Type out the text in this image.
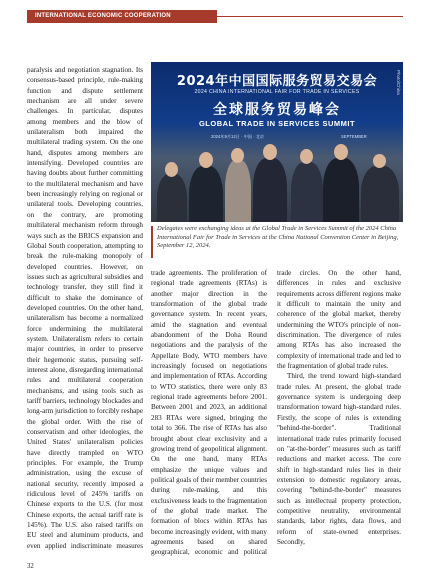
INTERNATIONAL ECONOMIC COOPERATION

paralysis and negotiation stagnation. Its consensus-based principle, rule-making function and dispute settlement mechanism are all under severe challenges. In particular, disputes among members and the blow of unilateralism both impaired the multilateral trading system. On the one hand, disputes among members are intensifying. Developed countries are having doubts about further committing to the multilateral mechanism and have been increasingly relying on regional or unilateral tools. Developing countries, on the contrary, are promoting multilateral mechanism reform through ways such as the BRICS expansion and Global South cooperation, attempting to break the rule-making monopoly of developed countries. However, on issues such as agricultural subsidies and technology transfer, they still find it difficult to shake the dominance of developed countries. On the other hand, unilateralism has become a normalized force undermining the multilateral system. Unilateralism refers to certain major countries, in order to preserve their hegemonic status, pursuing self-interest alone, disregarding international rules and multilateral cooperation mechanisms, and using tools such as tariff barriers, technology blockades and long-arm jurisdiction to forcibly reshape the global order. With the rise of conservatism and other ideologies, the United States' unilateralism policies have directly trampled on WTO principles. For example, the Trump administration, using the excuse of national security, recently imposed a ridiculous level of 245% tariffs on Chinese exports to the U.S. (for most Chinese exports, the actual tariff rate is 145%). The U.S. also raised tariffs on EU steel and aluminum products, and even applied indiscriminate measures

2024年中国国际服务贸易交易会
2024 CHINA INTERNATIONAL FAIR FOR TRADE IN SERVICES
全球服务贸易峰会
GLOBAL TRADE IN SERVICES SUMMIT
2024年9月12日 · 中国 · 北京	SEPTEMBER
Photo/China
Delegates were exchanging ideas at the Global Trade in Services Summit of the 2024 China International Fair for Trade in Services at the China National Convention Center in Beijing, September 12, 2024.

trade agreements. The proliferation of regional trade agreements (RTAs) is another major direction in the transformation of the global trade governance system. In recent years, amid the stagnation and eventual abandonment of the Doha Round negotiations and the paralysis of the Appellate Body, WTO members have increasingly focused on negotiations and implementation of RTAs. According to WTO statistics, there were only 83 regional trade agreements before 2001. Between 2001 and 2023, an additional 283 RTAs were signed, bringing the total to 366. The rise of RTAs has also brought about clear exclusivity and a growing trend of geopolitical alignment. On the one hand, many RTAs emphasize the unique values and political goals of their member countries during rule-making, and this exclusiveness leads to the fragmentation of the global trade market. The formation of blocs within RTAs has become increasingly evident, with many agreements based on shared geographical, economic and political

trade circles. On the other hand, differences in rules and exclusive requirements across different regions make it difficult to maintain the unity and coherence of the global market, thereby undermining the WTO's principle of non-discrimination. The divergence of rules among RTAs has also increased the complexity of international trade and led to the fragmentation of global trade rules.

Third, the trend toward high-standard trade rules. At present, the global trade governance system is undergoing deep transformation toward high-standard rules. Firstly, the scope of rules is extending "behind-the-border". Traditional international trade rules primarily focused on "at-the-border" measures such as tariff reductions and market access. The core shift in high-standard rules lies in their extension to domestic regulatory areas, covering "behind-the-border" measures such as intellectual property protection, competitive neutrality, environmental standards, labor rights, data flows, and reform of state-owned enterprises. Secondly,

32
